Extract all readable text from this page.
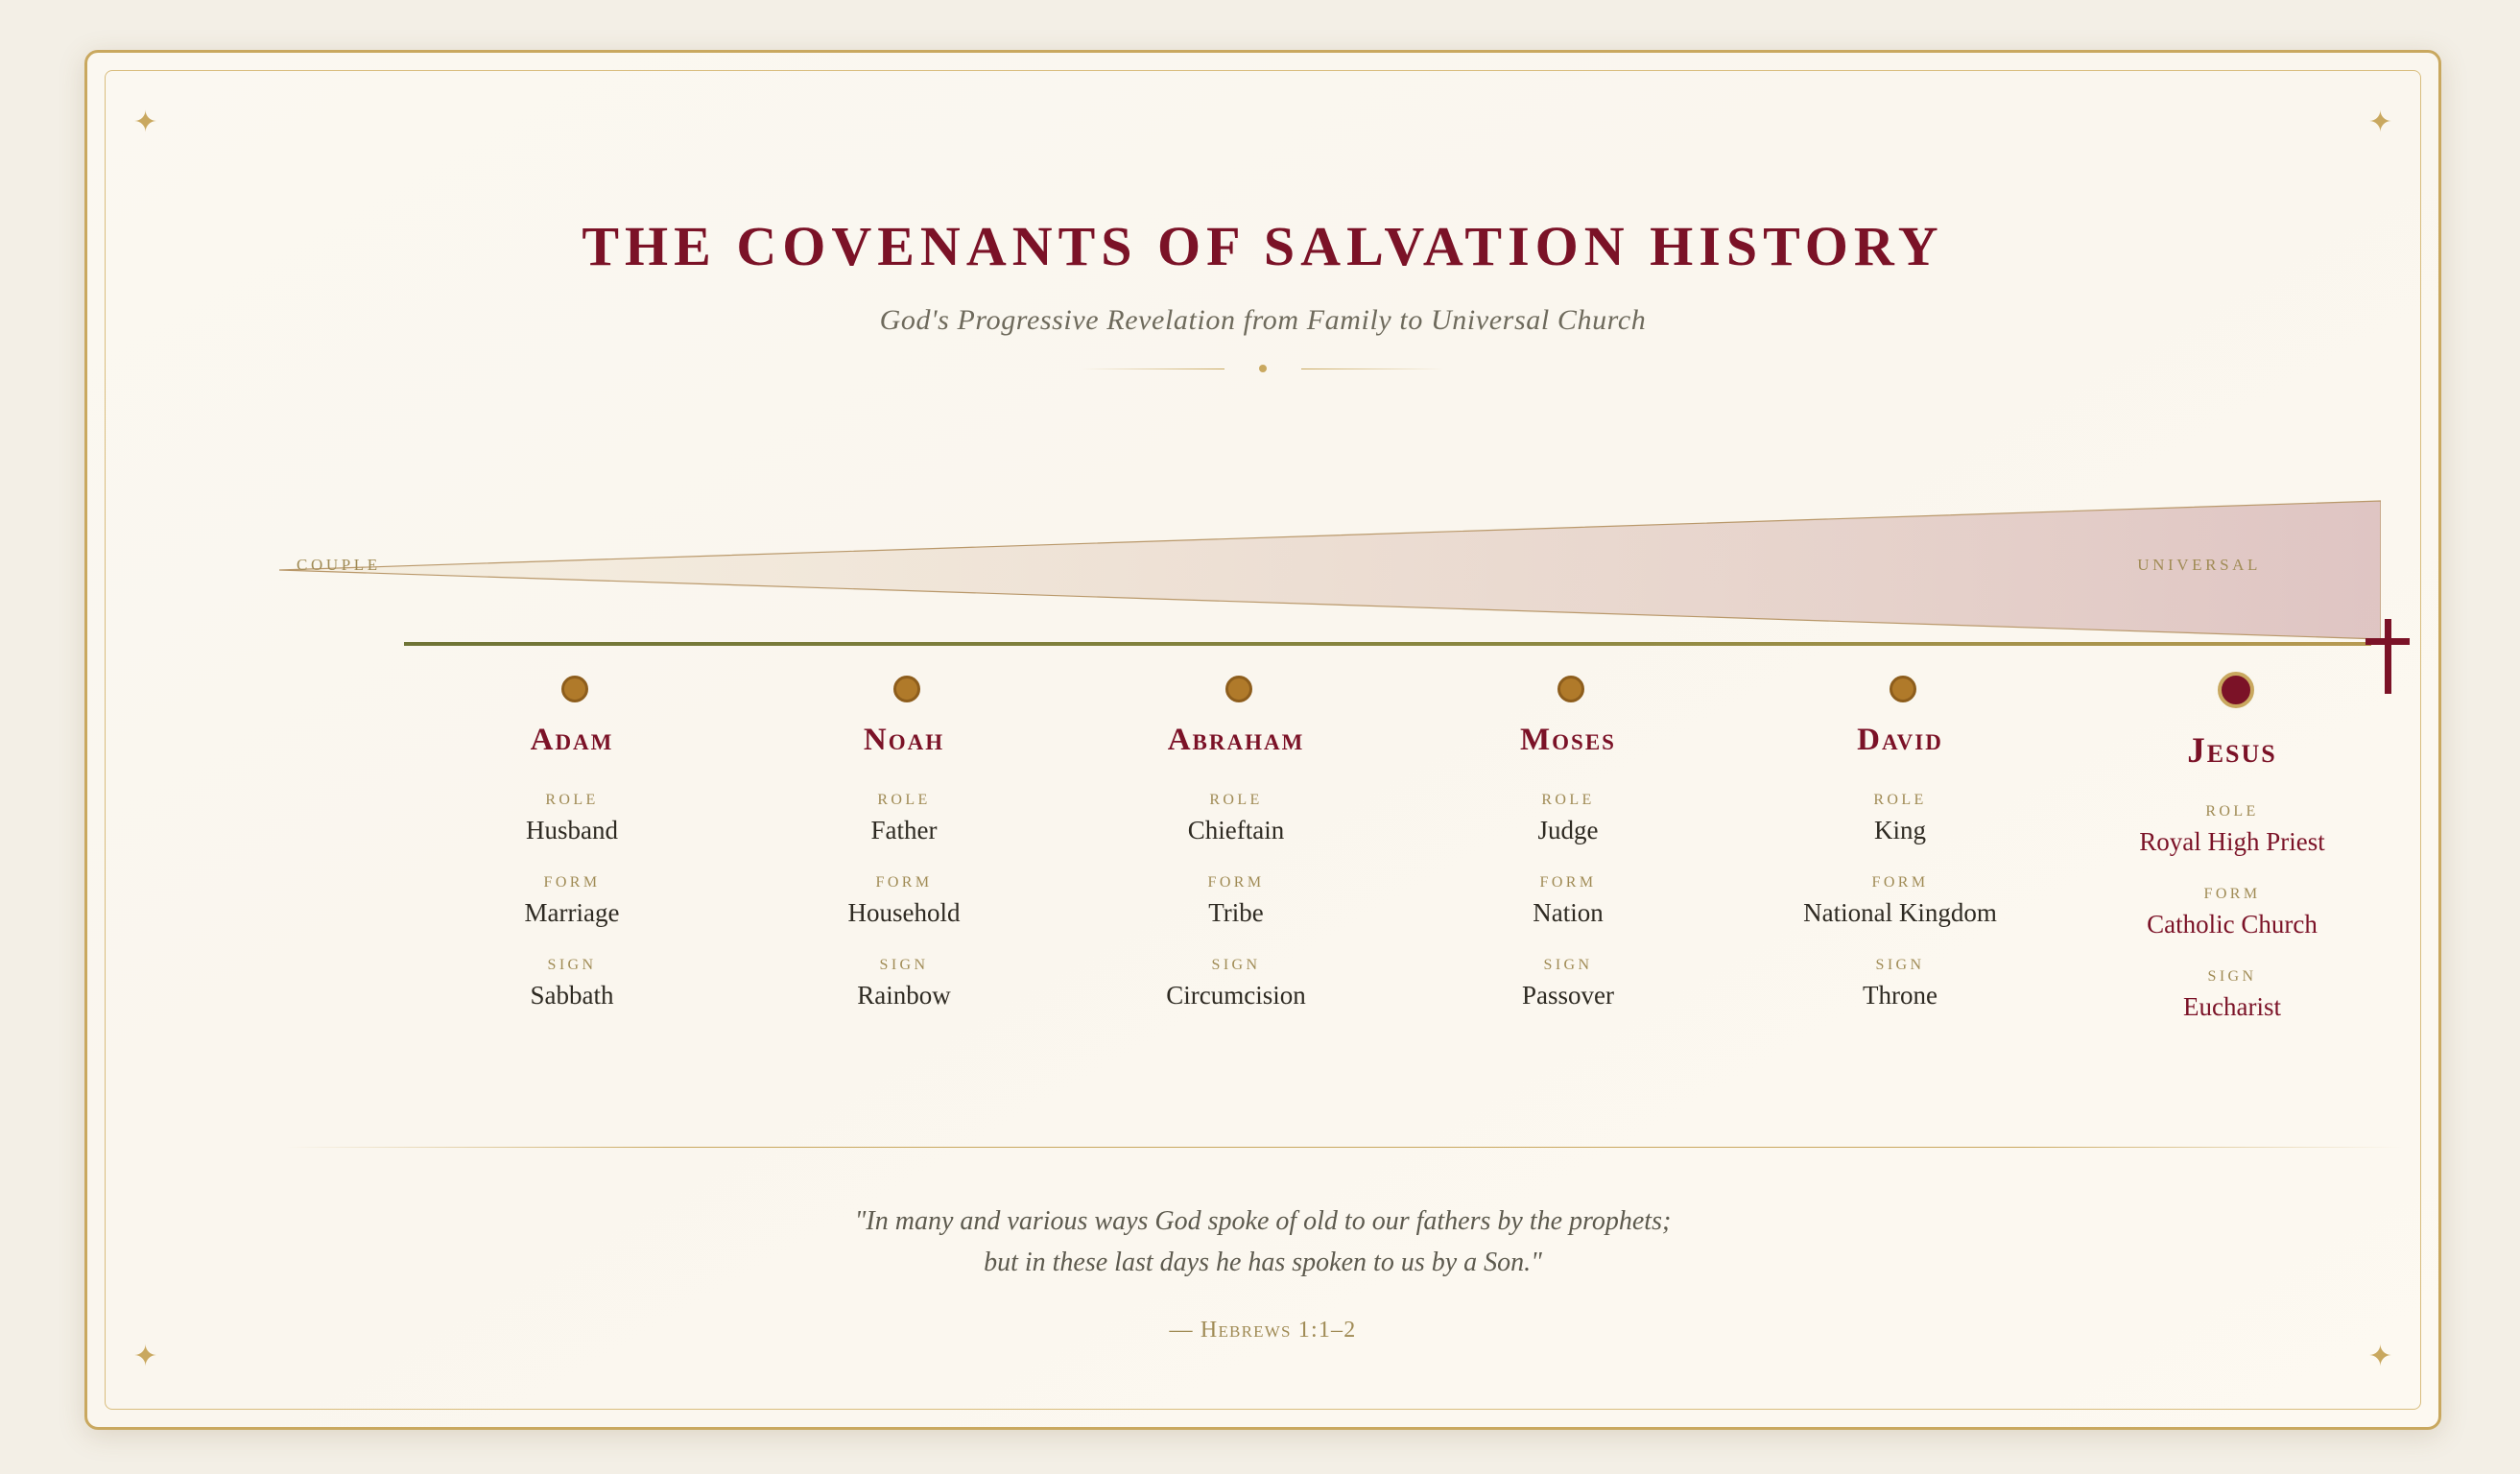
✦	✦
✦	✦
THE COVENANTS OF SALVATION HISTORY
God's Progressive Revelation from Family to Universal Church
COUPLE	UNIVERSAL
Adam
ROLE
Husband
FORM
Marriage
SIGN
Sabbath
Noah
ROLE
Father
FORM
Household
SIGN
Rainbow
Abraham
ROLE
Chieftain
FORM
Tribe
SIGN
Circumcision
Moses
ROLE
Judge
FORM
Nation
SIGN
Passover
David
ROLE
King
FORM
National Kingdom
SIGN
Throne
Jesus
ROLE
Royal High Priest
FORM
Catholic Church
SIGN
Eucharist
"In many and various ways God spoke of old to our fathers by the prophets;
but in these last days he has spoken to us by a Son."
— Hebrews 1:1–2
